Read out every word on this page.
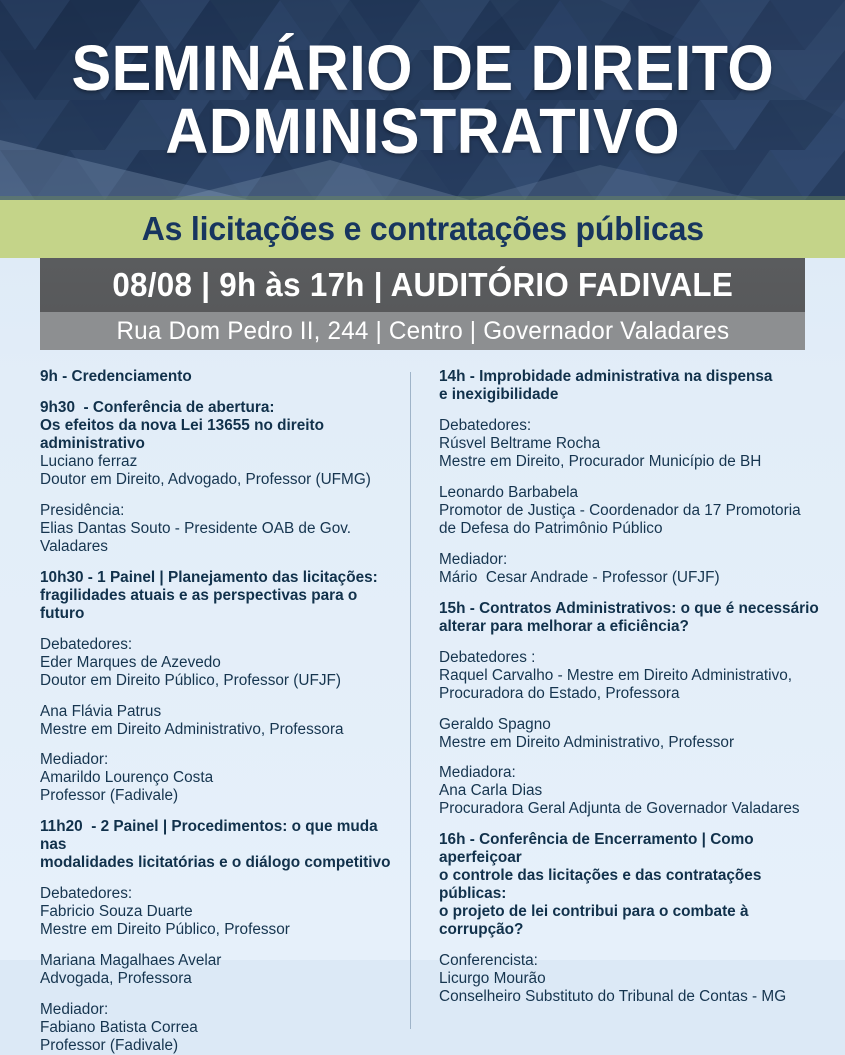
SEMINÁRIO DE DIREITO
ADMINISTRATIVO
As licitações e contratações públicas
08/08 | 9h às 17h | AUDITÓRIO FADIVALE
Rua Dom Pedro II, 244 | Centro | Governador Valadares
9h - Credenciamento
9h30  - Conferência de abertura:
Os efeitos da nova Lei 13655 no direito administrativo
Luciano ferraz
Doutor em Direito, Advogado, Professor (UFMG)
Presidência:
Elias Dantas Souto - Presidente OAB de Gov. Valadares
10h30 - 1 Painel | Planejamento das licitações:
fragilidades atuais e as perspectivas para o futuro
Debatedores:
Eder Marques de Azevedo
Doutor em Direito Público, Professor (UFJF)
Ana Flávia Patrus
Mestre em Direito Administrativo, Professora
Mediador:
Amarildo Lourenço Costa
Professor (Fadivale)
11h20  - 2 Painel | Procedimentos: o que muda nas
modalidades licitatórias e o diálogo competitivo
Debatedores:
Fabricio Souza Duarte
Mestre em Direito Público, Professor
Mariana Magalhaes Avelar
Advogada, Professora
Mediador:
Fabiano Batista Correa
Professor (Fadivale)
14h - Improbidade administrativa na dispensa
e inexigibilidade
Debatedores:
Rúsvel Beltrame Rocha
Mestre em Direito, Procurador Município de BH
Leonardo Barbabela
Promotor de Justiça - Coordenador da 17 Promotoria
de Defesa do Patrimônio Público
Mediador:
Mário  Cesar Andrade - Professor (UFJF)
15h - Contratos Administrativos: o que é necessário
alterar para melhorar a eficiência?
Debatedores :
Raquel Carvalho - Mestre em Direito Administrativo,
Procuradora do Estado, Professora
Geraldo Spagno
Mestre em Direito Administrativo, Professor
Mediadora:
Ana Carla Dias
Procuradora Geral Adjunta de Governador Valadares
16h - Conferência de Encerramento | Como aperfeiçoar
o controle das licitações e das contratações públicas:
o projeto de lei contribui para o combate à corrupção?
Conferencista:
Licurgo Mourão
Conselheiro Substituto do Tribunal de Contas - MG
